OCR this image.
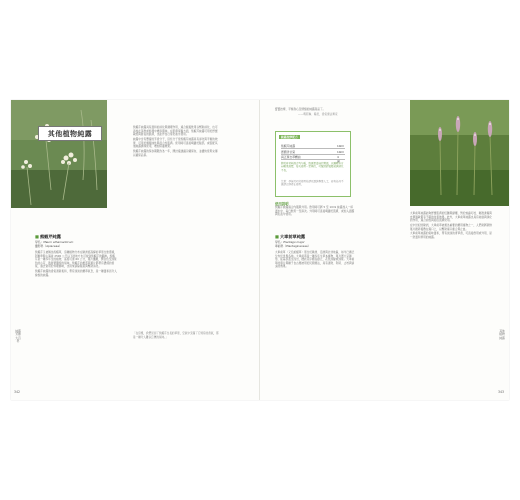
其他植物純露
■熊蝦芹純露
學名：Meum athamanticum
繖形科（Apiaceae）

熊蝦芹又被稱為熊蝦草，這種植物分布在歐洲經高緯的草原生態環境，阿爾卑斯山海拔 2500 公尺以下的地方也可找到熊蝦芹的蹤跡。熊蝦芹是一種多年生的植物，高度可達 60 公分，葉片纖細，開白色至淡紫色的小花，散發著獨特的氣味。熊蝦芹的根部與葉片都帶有濃郁的香氣，過去常用於料理調味，也用來消除脹氣與幫助消化。

熊蝦芹純露的香氣清新柔和，帶有淡淡的藥草氣息，是一種溫和而令人愉悅的純露。

熊蝦芹純露具有溫和的消化與調理作用，適合飯後飲用以幫助消化，也可添加在茶飲或料理中增添風味。在肌膚保養方面，熊蝦芹純露可用於舒緩敏感與發炎的肌膚，也能作為日常化妝水使用。

純露中含有豐富的芳香分子，這些分子使熊蝦芹純露具有淨化與平衡的效果，可用於調理油性與混合性肌膚。使用時可直接噴灑於臉部，或搭配其他純露調和使用，增加保養效果。

熊蝦芹純露的保存期限約為一年，開封後建議冷藏保存，並盡快使用完畢以確保品質。

「在這裡，我們見到了熊蝦芹生長的草原，空氣中充滿了它特有的香氣，那是一種令人難以忘懷的氣味。」
純露芳療大百科
342
寶寶按摩，平衡身心及情緒的純露產品了。
——瑪莉琳．韓昆，香氣療法專家
純露按摩配方
熊蝦芹純露	10ml
德國洋甘菊	10ml
真正薰衣草精油	4 滴
將所有材料混合均勻後，取適量塗抹於腹部，以順時針方向輕柔按摩，每天使用一至兩次，可幫助舒緩脹氣與消化不良。
注意：孕婦及幼兒使用前請先諮詢專業人士，若有任何不適請立即停止使用。
使用說明
熊蝦芹純露適合內服與外用。飲用時可將 5 至 10ml 純露加入一杯溫水中，每日飲用一至兩次。外用時可直接噴灑於肌膚，或加入面膜與乳液中使用。
■大車前草純露
學名：Plantago major
車前科（Plantaginaceae）
大車前草（又名蛤蟆草）原生於歐洲、亞洲與北非地區，如今已廣泛分布於世界各地。大車前草是一種多年生草本植物，葉片寬大呈卵形，從基部叢生而出，穗狀花序細長挺立，花色淡綠或淡紫。大車前草的葉片與種子自古便被用於民間療法，具有清熱、利尿、止咳與消炎的效果。

大車前草純露能夠舒緩肌膚的紅腫與搔癢，對於蚊蟲叮咬、輕微燙傷與皮膚過敏都有不錯的改善效果。此外，大車前草純露也具有收斂與淨化的作用，適合油性與痘痘肌膚使用。

在中世紀的歐洲，大車前草被視為重要的藥用植物之一，人們常將新鮮葉片搗碎後敷在傷口上，以幫助傷口癒合與止血。

大車前草純露的氣味溫和，帶有淡淡的青草香，可直接飲用或外用，是一款溫和實用的純露。

其他植物純露
343
